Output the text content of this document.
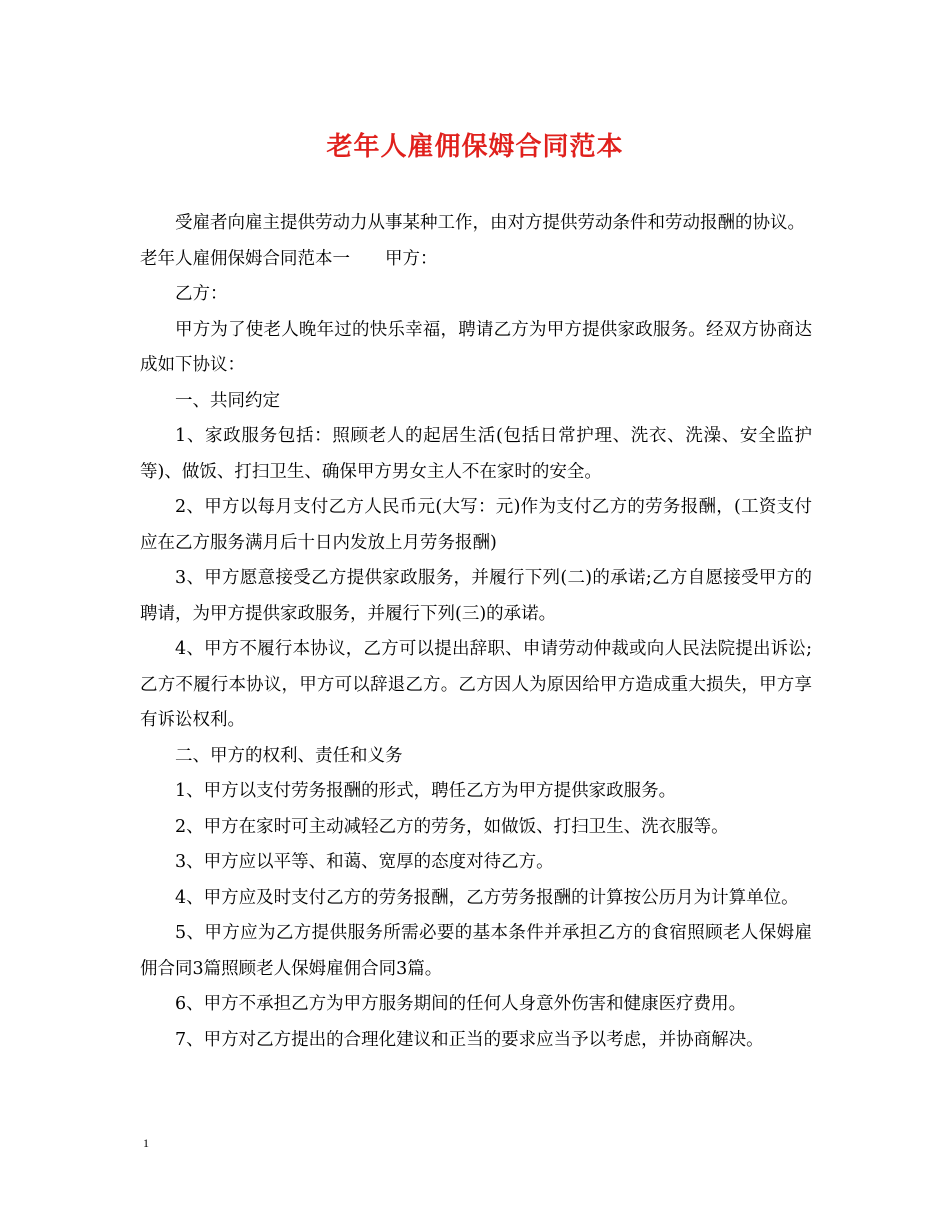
老年人雇佣保姆合同范本

受雇者向雇主提供劳动力从事某种工作，由对方提供劳动条件和劳动报酬的协议。

老年人雇佣保姆合同范本一　　甲方：

乙方：

甲方为了使老人晚年过的快乐幸福，聘请乙方为甲方提供家政服务。经双方协商达成如下协议：

一、共同约定

1、家政服务包括：照顾老人的起居生活(包括日常护理、洗衣、洗澡、安全监护等)、做饭、打扫卫生、确保甲方男女主人不在家时的安全。

2、甲方以每月支付乙方人民币元(大写：元)作为支付乙方的劳务报酬，(工资支付应在乙方服务满月后十日内发放上月劳务报酬)

3、甲方愿意接受乙方提供家政服务，并履行下列(二)的承诺;乙方自愿接受甲方的聘请，为甲方提供家政服务，并履行下列(三)的承诺。

4、甲方不履行本协议，乙方可以提出辞职、申请劳动仲裁或向人民法院提出诉讼;乙方不履行本协议，甲方可以辞退乙方。乙方因人为原因给甲方造成重大损失，甲方享有诉讼权利。

二、甲方的权利、责任和义务

1、甲方以支付劳务报酬的形式，聘任乙方为甲方提供家政服务。

2、甲方在家时可主动减轻乙方的劳务，如做饭、打扫卫生、洗衣服等。

3、甲方应以平等、和蔼、宽厚的态度对待乙方。

4、甲方应及时支付乙方的劳务报酬，乙方劳务报酬的计算按公历月为计算单位。

5、甲方应为乙方提供服务所需必要的基本条件并承担乙方的食宿照顾老人保姆雇佣合同3篇照顾老人保姆雇佣合同3篇。

6、甲方不承担乙方为甲方服务期间的任何人身意外伤害和健康医疗费用。

7、甲方对乙方提出的合理化建议和正当的要求应当予以考虑，并协商解决。

1
